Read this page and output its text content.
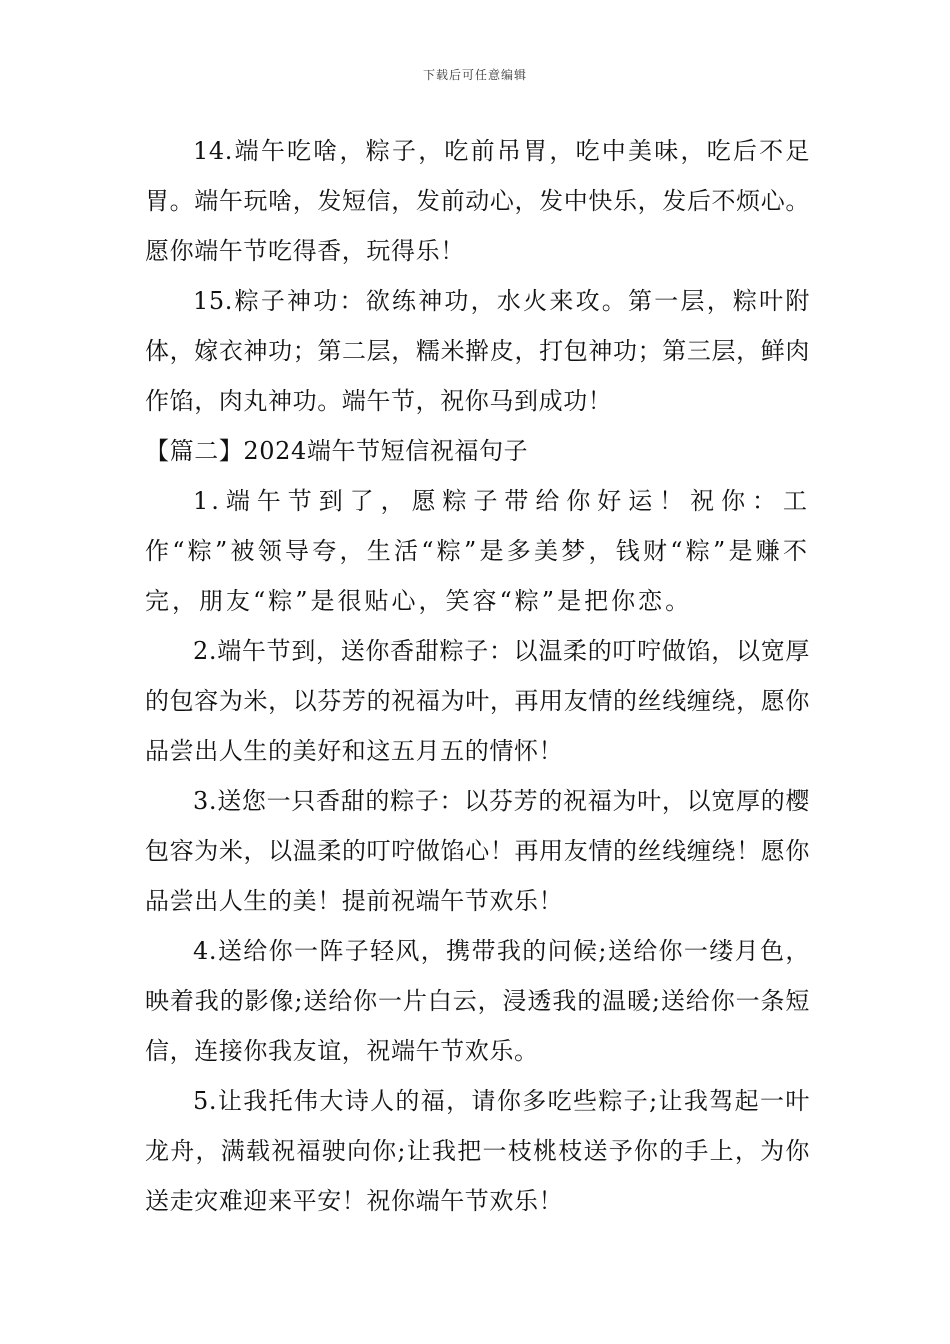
下载后可任意编辑

14.端午吃啥，粽子，吃前吊胃，吃中美味，吃后不足胃。端午玩啥，发短信，发前动心，发中快乐，发后不烦心。愿你端午节吃得香，玩得乐！

15.粽子神功：欲练神功，水火来攻。第一层，粽叶附体，嫁衣神功；第二层，糯米擀皮，打包神功；第三层，鲜肉作馅，肉丸神功。端午节，祝你马到成功！

【篇二】2024端午节短信祝福句子

1.端午节到了，愿粽子带给你好运！祝你：工作“粽”被领导夸，生活“粽”是多美梦，钱财“粽”是赚不完，朋友“粽”是很贴心，笑容“粽”是把你恋。

2.端午节到，送你香甜粽子：以温柔的叮咛做馅，以宽厚的包容为米，以芬芳的祝福为叶，再用友情的丝线缠绕，愿你品尝出人生的美好和这五月五的情怀！

3.送您一只香甜的粽子：以芬芳的祝福为叶，以宽厚的樱包容为米，以温柔的叮咛做馅心！再用友情的丝线缠绕！愿你品尝出人生的美！提前祝端午节欢乐！

4.送给你一阵子轻风，携带我的问候;送给你一缕月色，映着我的影像;送给你一片白云，浸透我的温暖;送给你一条短信，连接你我友谊，祝端午节欢乐。

5.让我托伟大诗人的福，请你多吃些粽子;让我驾起一叶龙舟，满载祝福驶向你;让我把一枝桃枝送予你的手上，为你送走灾难迎来平安！祝你端午节欢乐！
